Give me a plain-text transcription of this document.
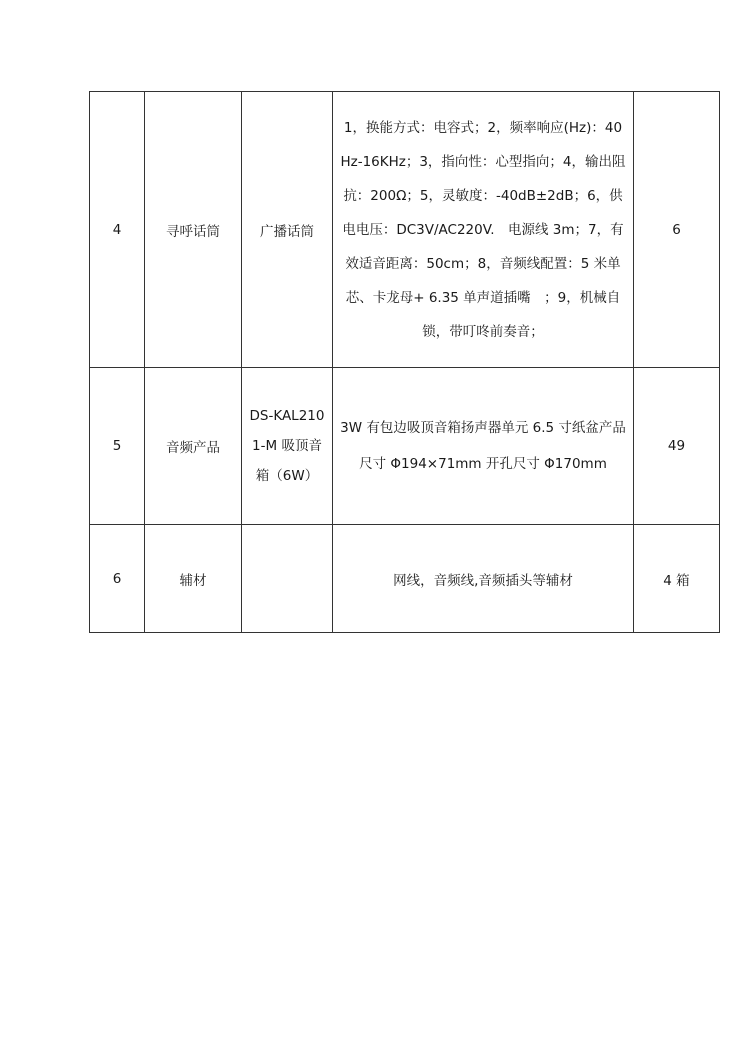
4	寻呼话筒	广播话筒	1，换能方式：电容式；2，频率响应(Hz)：40Hz-16KHz；3，指向性：心型指向；4，输出阻抗：200Ω；5，灵敏度：-40dB±2dB；6，供电电压：DC3V/AC220V.　电源线 3m；7，有效适音距离：50cm；8，音频线配置：5 米单芯、卡龙母+ 6.35 单声道插嘴　；9，机械自锁，带叮咚前奏音；	6
5	音频产品	DS-KAL2101-M 吸顶音箱（6W）	3W 有包边吸顶音箱扬声器单元 6.5 寸纸盆产品尺寸 Φ194×71mm 开孔尺寸 Φ170mm	49
6	辅材		网线，音频线,音频插头等辅材	4 箱
